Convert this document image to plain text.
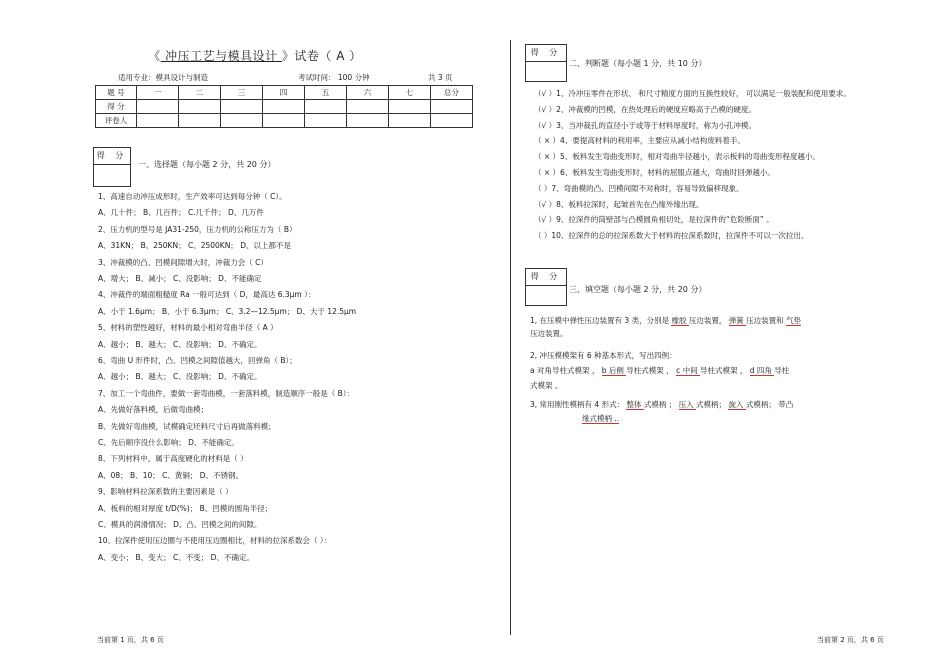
《 冲压工艺与模具设计 》试卷（ A ）
适用专业：模具设计与制造	考试时间： 100 分钟	共 3 页
题 号	一	二	三	四	五	六	七	总分
得 分								
评卷人								
得 分
一、选择题（每小题 2 分，共 20 分）
1、高速自动冲压成形时，生产效率可达到每分钟（ C）。
A、几十件； B、几百件； C.几千件； D、几万件
2、压力机的型号是 JA31-250，压力机的公称压力为（ B）
A、31KN； B、250KN； C、2500KN； D、以上都不是
3、冲裁模的凸、凹模间隙增大时，冲裁力会（ C）
A、增大； B、减小； C、没影响； D、不能确定
4、冲裁件的端面粗糙度 Ra 一般可达到（ D，最高达 6.3μm ）：
A、小于 1.6μm； B、小于 6.3μm； C、3.2—12.5μm； D、大于 12.5μm
5、材料的塑性越好，材料的最小相对弯曲半径（ A ）
A、越小； B、越大； C、没影响； D、不确定。
6、弯曲 U 形件时，凸、凹模之间隙值越大，回弹角（ B）；
A、越小； B、越大； C、没影响； D、不确定。
7、加工一个弯曲件，要做一套弯曲模，一套落料模，制造顺序一般是（ B）：
A、先做好落料模，后做弯曲模；
B、先做好弯曲模，试模确定坯料尺寸后再做落料模；
C、先后顺序没什么影响； D、不能确定。
8、下列材料中，属于高度硬化的材料是（ ）
A、08； B、10； C、黄铜； D、不锈钢。
9、影响材料拉深系数的主要因素是（ ）
A、板料的相对厚度 t/D(%)； B、凹模的圆角半径；
C、模具的润滑情况； D、凸、凹模之间的间隙。
10、拉深件使用压边圈与不使用压边圈相比，材料的拉深系数会（ ）：
A、变小； B、变大； C、不变； D、不确定。
当前第 1 页，共 6 页
得 分
二、判断题（每小题 1 分，共 10 分）
（√ ）1、冷冲压零件在形状、 和尺寸精度方面的互换性较好， 可以满足一般装配和使用要求。
（√ ）2、冲裁模的凹模，在热处理后的硬度应略高于凸模的硬度。
（√ ）3、当冲裁孔的直径小于或等于材料厚度时，称为小孔冲模。
（ × ）4、要提高材料的利用率，主要应从减小结构废料着手。
（ × ）5、板料发生弯曲变形时，相对弯曲半径越小，表示板料的弯曲变形程度越小。
（ × ）6、板料发生弯曲变形时，材料的屈服点越大，弯曲时回弹越小。
（ ）7、弯曲模的凸、凹模间隙不对称时，容易导致偏移现象。
（√ ）8、板料拉深时，起皱首先在凸缘外缘出现。
（√ ）9、拉深件的筒壁部与凸模圆角相切处，是拉深件的“危险断面” 。
（ ）10、拉深件的总的拉深系数大于材料的拉深系数时，拉深件不可以一次拉出。
得 分
三、填空题（每小题 2 分，共 20 分）
1, 在压模中弹性压边装置有 3 类，分别是 橡胶 压边装置， 弹簧 压边装置和 气垫
压边装置。
2, 冲压模模架有 6 种基本形式，写出四例：
a 对角导柱式模架 ， b 后侧 导柱式模架 ， c 中间 导柱式模架 ， d 四角 导柱
式模架 。
3, 常用刚性模柄有 4 形式： 整体 式模柄 ； 压入 式模柄； 旋入 式模柄； 带凸
缘式模柄 ..
当前第 2 页，共 6 页
